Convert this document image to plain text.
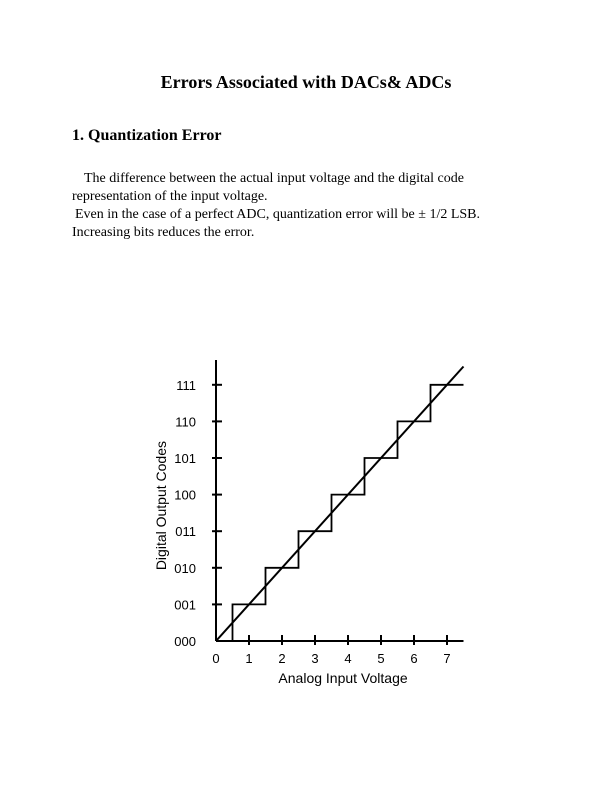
Errors Associated with DACs& ADCs
1. Quantization Error

The difference between the actual input voltage and the digital code

representation of the input voltage.

Even in the case of a perfect ADC, quantization error will be ± 1/2 LSB.

Increasing bits reduces the error.

0 1 2 3 4 5 6 7
000
001
010
011
100
101
110
111
Analog Input Voltage
Digital Output Codes
